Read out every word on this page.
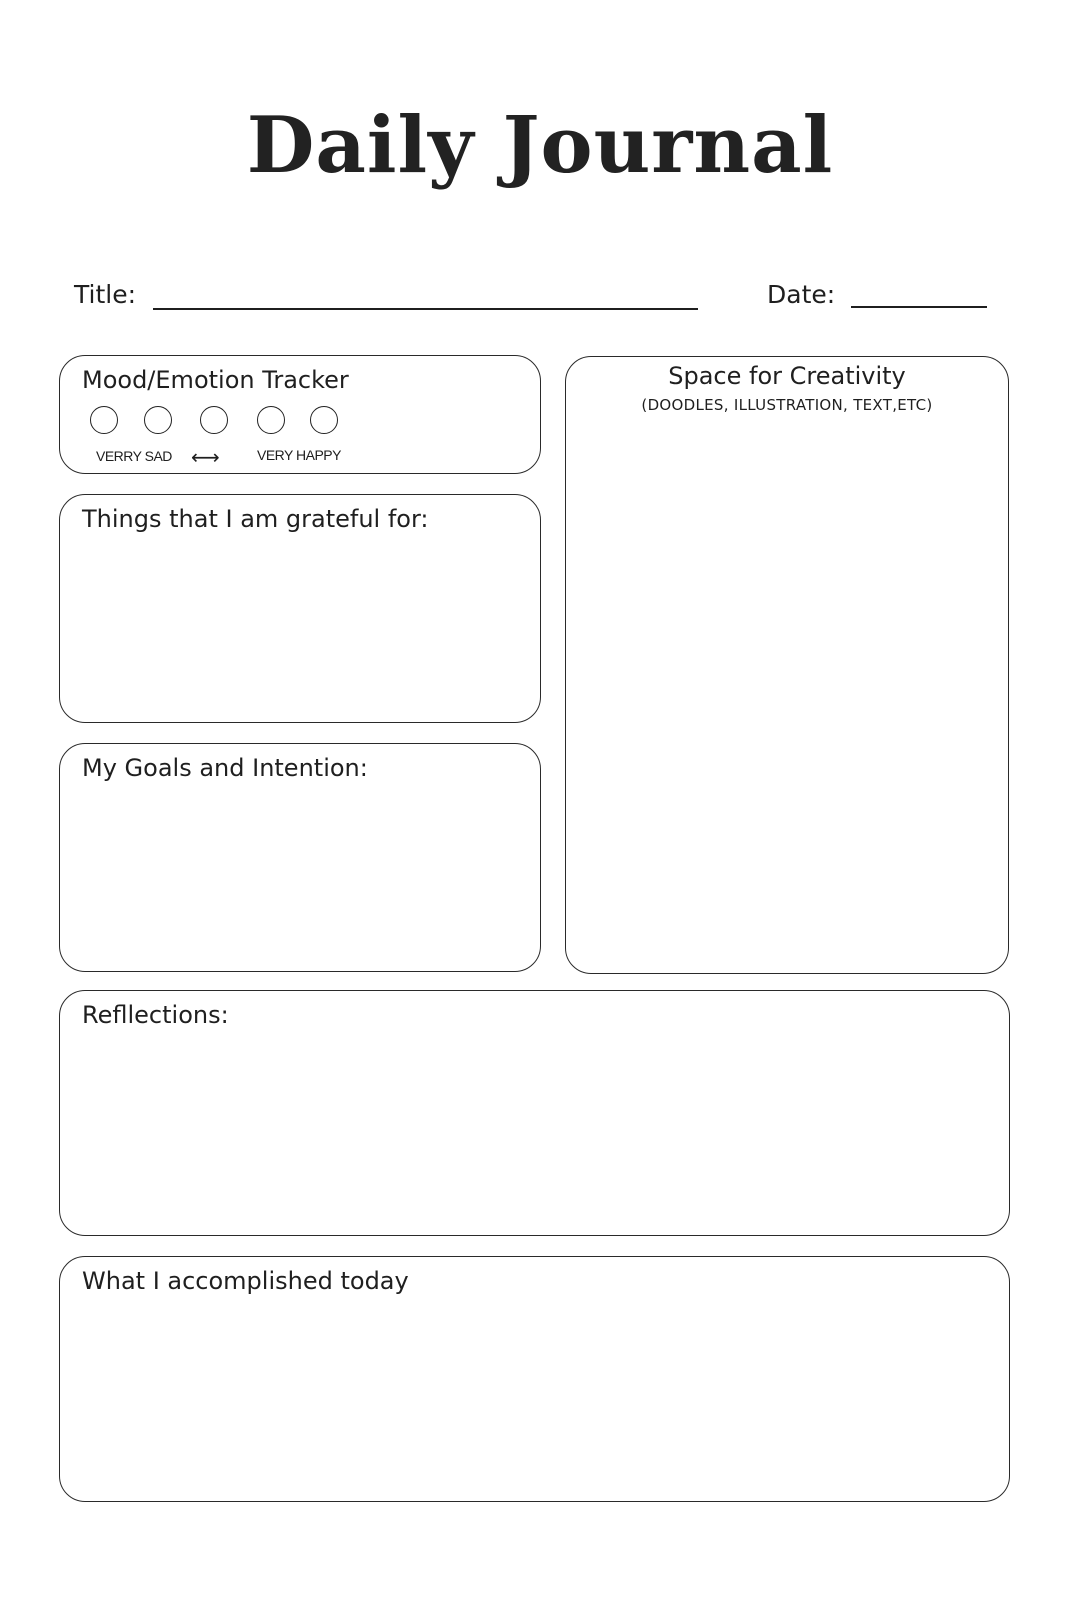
Daily Journal
Title:	Date:
Mood/Emotion Tracker
VERRY SAD ⟷	VERY HAPPY
Things that I am grateful for:
My Goals and Intention:
Space for Creativity
(DOODLES, ILLUSTRATION, TEXT,ETC)
Refllections:
What I accomplished today
